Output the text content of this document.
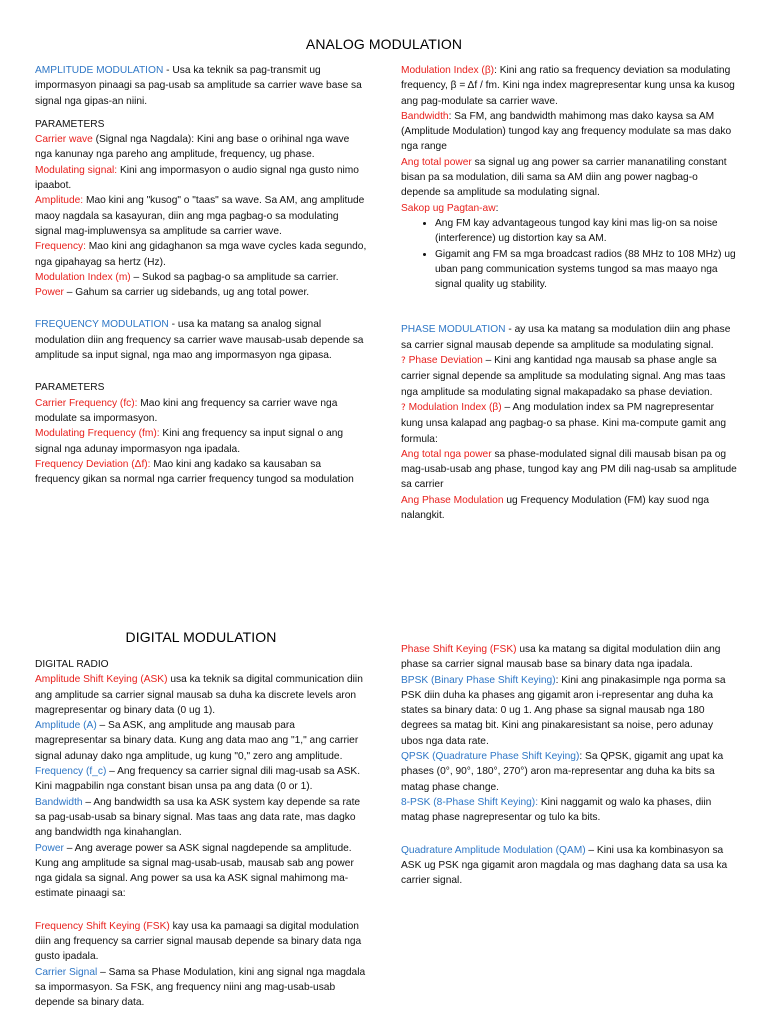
ANALOG MODULATION

AMPLITUDE MODULATION - Usa ka teknik sa pag-transmit ug impormasyon pinaagi sa pag-usab sa amplitude sa carrier wave base sa signal nga gipas-an niini.

PARAMETERS

Carrier wave (Signal nga Nagdala): Kini ang base o orihinal nga wave nga kanunay nga pareho ang amplitude, frequency, ug phase.

Modulating signal: Kini ang impormasyon o audio signal nga gusto nimo ipaabot.

Amplitude: Mao kini ang "kusog" o "taas" sa wave. Sa AM, ang amplitude maoy nagdala sa kasayuran, diin ang mga pagbag-o sa modulating signal mag-impluwensya sa amplitude sa carrier wave.

Frequency: Mao kini ang gidaghanon sa mga wave cycles kada segundo, nga gipahayag sa hertz (Hz).

Modulation Index (m) – Sukod sa pagbag-o sa amplitude sa carrier.

Power – Gahum sa carrier ug sidebands, ug ang total power.

FREQUENCY MODULATION - usa ka matang sa analog signal modulation diin ang frequency sa carrier wave mausab-usab depende sa amplitude sa input signal, nga mao ang impormasyon nga gipasa.

PARAMETERS

Carrier Frequency (fc): Mao kini ang frequency sa carrier wave nga modulate sa impormasyon.

Modulating Frequency (fm): Kini ang frequency sa input signal o ang signal nga adunay impormasyon nga ipadala.

Frequency Deviation (Δf): Mao kini ang kadako sa kausaban sa frequency gikan sa normal nga carrier frequency tungod sa modulation

Modulation Index (β): Kini ang ratio sa frequency deviation sa modulating frequency, β = Δf / fm. Kini nga index magrepresentar kung unsa ka kusog ang pag-modulate sa carrier wave.

Bandwidth: Sa FM, ang bandwidth mahimong mas dako kaysa sa AM (Amplitude Modulation) tungod kay ang frequency modulate sa mas dako nga range

Ang total power sa signal ug ang power sa carrier mananatiling constant bisan pa sa modulation, dili sama sa AM diin ang power nagbag-o depende sa amplitude sa modulating signal.

Sakop ug Pagtan-aw:

• Ang FM kay advantageous tungod kay kini mas lig-on sa noise (interference) ug distortion kay sa AM.
• Gigamit ang FM sa mga broadcast radios (88 MHz to 108 MHz) ug uban pang communication systems tungod sa mas maayo nga signal quality ug stability.

PHASE MODULATION - ay usa ka matang sa modulation diin ang phase sa carrier signal mausab depende sa amplitude sa modulating signal.

? Phase Deviation – Kini ang kantidad nga mausab sa phase angle sa carrier signal depende sa amplitude sa modulating signal. Ang mas taas nga amplitude sa modulating signal makapadako sa phase deviation.

? Modulation Index (β) – Ang modulation index sa PM nagrepresentar kung unsa kalapad ang pagbag-o sa phase. Kini ma-compute gamit ang formula:

Ang total nga power sa phase-modulated signal dili mausab bisan pa og mag-usab-usab ang phase, tungod kay ang PM dili nag-usab sa amplitude sa carrier

Ang Phase Modulation ug Frequency Modulation (FM) kay suod nga nalangkit.

DIGITAL MODULATION

DIGITAL RADIO

Amplitude Shift Keying (ASK) usa ka teknik sa digital communication diin ang amplitude sa carrier signal mausab sa duha ka discrete levels aron magrepresentar og binary data (0 ug 1).

Amplitude (A) – Sa ASK, ang amplitude ang mausab para magrepresentar sa binary data. Kung ang data mao ang "1," ang carrier signal adunay dako nga amplitude, ug kung "0," zero ang amplitude.

Frequency (f_c) – Ang frequency sa carrier signal dili mag-usab sa ASK. Kini magpabilin nga constant bisan unsa pa ang data (0 or 1).

Bandwidth – Ang bandwidth sa usa ka ASK system kay depende sa rate sa pag-usab-usab sa binary signal. Mas taas ang data rate, mas dagko ang bandwidth nga kinahanglan.

Power – Ang average power sa ASK signal nagdepende sa amplitude. Kung ang amplitude sa signal mag-usab-usab, mausab sab ang power nga gidala sa signal. Ang power sa usa ka ASK signal mahimong ma-estimate pinaagi sa:

Frequency Shift Keying (FSK) kay usa ka pamaagi sa digital modulation diin ang frequency sa carrier signal mausab depende sa binary data nga gusto ipadala.

Carrier Signal – Sama sa Phase Modulation, kini ang signal nga magdala sa impormasyon. Sa FSK, ang frequency niini ang mag-usab-usab depende sa binary data.

Phase Shift Keying (FSK) usa ka matang sa digital modulation diin ang phase sa carrier signal mausab base sa binary data nga ipadala.

BPSK (Binary Phase Shift Keying): Kini ang pinakasimple nga porma sa PSK diin duha ka phases ang gigamit aron i-representar ang duha ka states sa binary data: 0 ug 1. Ang phase sa signal mausab nga 180 degrees sa matag bit. Kini ang pinakaresistant sa noise, pero adunay ubos nga data rate.

QPSK (Quadrature Phase Shift Keying): Sa QPSK, gigamit ang upat ka phases (0°, 90°, 180°, 270°) aron ma-representar ang duha ka bits sa matag phase change.

8-PSK (8-Phase Shift Keying): Kini naggamit og walo ka phases, diin matag phase nagrepresentar og tulo ka bits.

Quadrature Amplitude Modulation (QAM) – Kini usa ka kombinasyon sa ASK ug PSK nga gigamit aron magdala og mas daghang data sa usa ka carrier signal.
